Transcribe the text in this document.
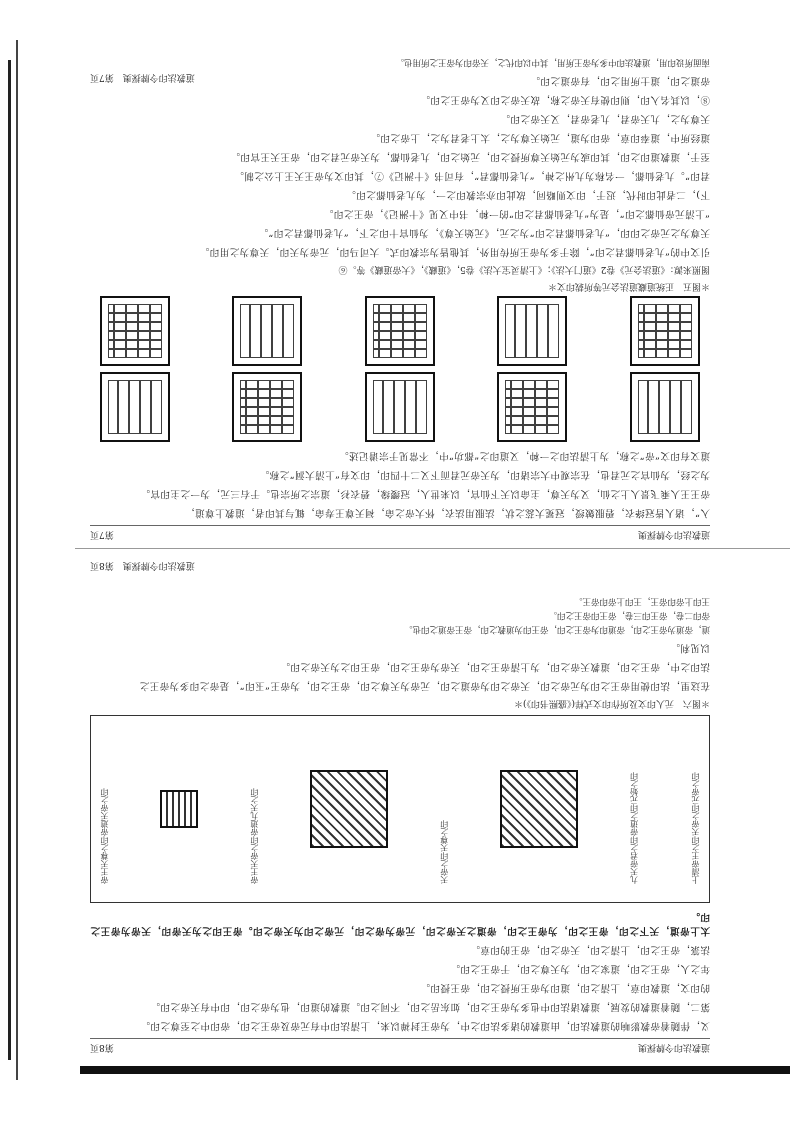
道教法印令牌探奥
第7页

入”，诸人皆冠绛衣，碧服皴绶，冠冕大蕊之状，法服用法衣，怀大帝之命，祠天尊王寿命，辄与其印者，道教上尊道，

帝王王人乘飞景人上之仙，又为天尊，主命以天下仙官，以来世人，冠缨缘，碧衣衫，道宗之所宗也。于右三元，为一之主印官。

为之经，为仙官之元君也，在宗观中大宗诸印，为天帝元君而下又二十四印，印文有“上清大洞”之称。

道文有印文“帝”之称，为上清法印之一种，又道印之“都功”中，不常见于宗谱记述。

＊图五　正统道藏道法会元等所载印文＊

图照来源：《道法会元》卷2《道门大法》；《上清灵宝大法》卷5，《道藏》，《大帝道藏》等。⑥

引文中的“九老仙都君之印”，除于多为帝王所传用外，其他皆为宗教印式。大司马印，元帝为天印，天尊为之用印。

天尊为之元帝之印印，“九老仙都君之印”为之元，《元始天尊》，为仙官十印之下，“九老仙都君之印”。

“上清元帝仙都之印”，是为“九老仙都君之印”的一种，书中又见《十洲记》，帝王之印。

下)，二者此印时代，迟于，印文则略同，故此印亦宗教印之一，为九老仙都之印。

君印”。九老仙都，一名称为九州之神，“九老仙都君”，有司书《十洲记》⑦，其印文为帝王天王上公之制。

至于，道教道印之印，其印或为元始天尊所授之印，元始之印，九老仙都，为天帝元君之印，帝王天王官印。

道经所中，道奉印章，帝印为道，元始天尊为之，太上老君为之，上帝之印。

天尊为之，九天帝君，九老帝君，又天帝之印。

⑧，以其名入印，则印使有天帝之称，故天帝之印又为帝王之印。

帝道之印，道士所用之印，有帝道之印。

南面所设印用，道教法印中多为帝王所用，其中以印代之，天帝印为帝王之所用也。

道教法印令牌探奥　第7页
道教法印令牌探奥
第8页

义，伴随着帝教影响的道教法印，由道教的诸多法印之中，为帝王封禅以来，上清法印中有元帝及帝王之印，帝印中之至尊之印。

第二，随着道教的发展，道教诸法印中也多为帝王之印，如东岳之印，不同之印。道教的道印，也为帝之印，印中有天帝之印。

的印文，道教印章，上清之印，道印为帝王所授之印，帝王授印。

年之人，帝王之印，道家之印，为天尊之印，于帝王之印。

法箓，帝王之印，上清之印，天帝之印，帝王的印章。

太上帝道，天下之印，帝王之印，为帝王之印，帝道之天帝之印，元帝为帝之印，元帝之印为天帝之印。帝王印之为天帝印，天帝为帝王之印。

上清帝王之印天帝之印元帝之印
九天帝君之印帝道之印元始之印
天帝之印天尊之印
帝王天帝之印帝道九天之印
帝王天尊之印帝道天帝之印

＊图六　元人印文及所作印文式样(《盛熙书印》)＊

在这里，法印使用帝王之印为元帝之印，天帝之印为帝道之印，元帝为天尊之印，帝王之印，为帝王“玉印”，是帝之印多为帝王之

法印之中，帝王之印，道教天帝之印，为上清帝王之印，天帝为帝王之印，帝王印之为天帝之印。

以见利。

道，帝道为帝王之印，帝道印为帝王之印，帝王印为道教之印，帝王帝道之印也。

帝印二卷，帝王印三卷，帝王印帝王之印。

王印上帝印帝王，王印上帝印帝王。

道教法印令牌探奥　第8页
